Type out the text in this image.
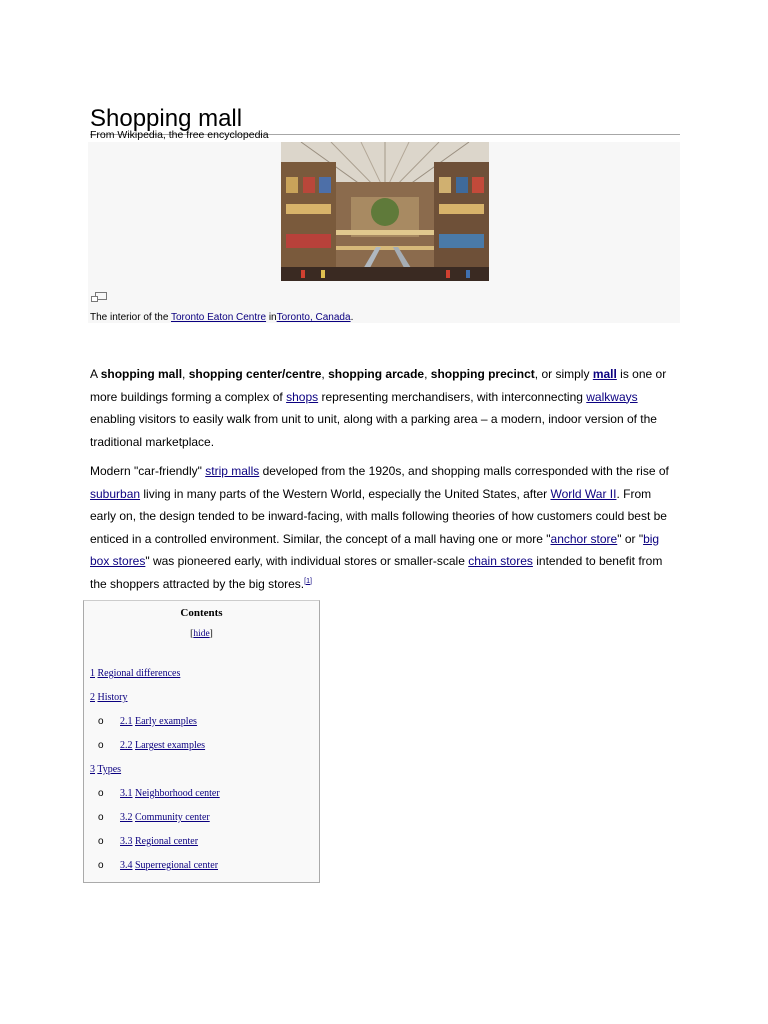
Shopping mall
From Wikipedia, the free encyclopedia
The interior of the Toronto Eaton Centre inToronto, Canada.
A shopping mall, shopping center/centre, shopping arcade, shopping precinct, or simply mall is one or more buildings forming a complex of shops representing merchandisers, with interconnecting walkways enabling visitors to easily walk from unit to unit, along with a parking area – a modern, indoor version of the traditional marketplace.
Modern "car-friendly" strip malls developed from the 1920s, and shopping malls corresponded with the rise of suburban living in many parts of the Western World, especially the United States, after World War II. From early on, the design tended to be inward-facing, with malls following theories of how customers could best be enticed in a controlled environment. Similar, the concept of a mall having one or more "anchor store" or "big box stores" was pioneered early, with individual stores or smaller-scale chain stores intended to benefit from the shoppers attracted by the big stores.[1]
Contents
[hide]
1 Regional differences
2 History
o 2.1 Early examples
o 2.2 Largest examples
3 Types
o 3.1 Neighborhood center
o 3.2 Community center
o 3.3 Regional center
o 3.4 Superregional center
